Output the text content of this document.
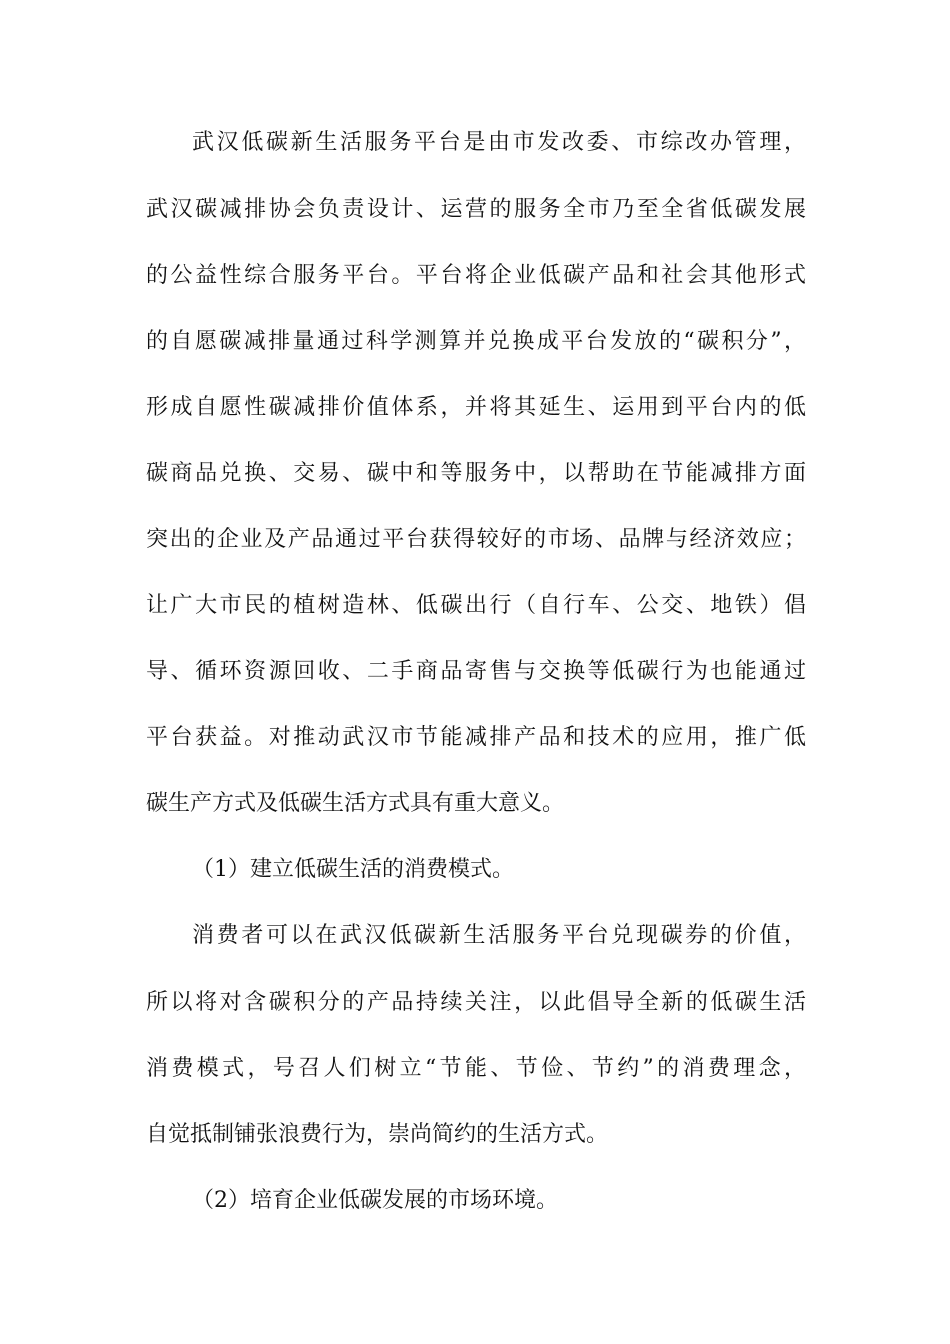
武汉低碳新生活服务平台是由市发改委、市综改办管理，
武汉碳减排协会负责设计、运营的服务全市乃至全省低碳发展
的公益性综合服务平台。平台将企业低碳产品和社会其他形式
的自愿碳减排量通过科学测算并兑换成平台发放的“碳积分”，
形成自愿性碳减排价值体系，并将其延生、运用到平台内的低
碳商品兑换、交易、碳中和等服务中，以帮助在节能减排方面
突出的企业及产品通过平台获得较好的市场、品牌与经济效应；
让广大市民的植树造林、低碳出行（自行车、公交、地铁）倡
导、循环资源回收、二手商品寄售与交换等低碳行为也能通过
平台获益。对推动武汉市节能减排产品和技术的应用，推广低
碳生产方式及低碳生活方式具有重大意义。
（1）建立低碳生活的消费模式。
消费者可以在武汉低碳新生活服务平台兑现碳券的价值，
所以将对含碳积分的产品持续关注，以此倡导全新的低碳生活
消费模式，号召人们树立“节能、节俭、节约”的消费理念，
自觉抵制铺张浪费行为，崇尚简约的生活方式。
（2）培育企业低碳发展的市场环境。
